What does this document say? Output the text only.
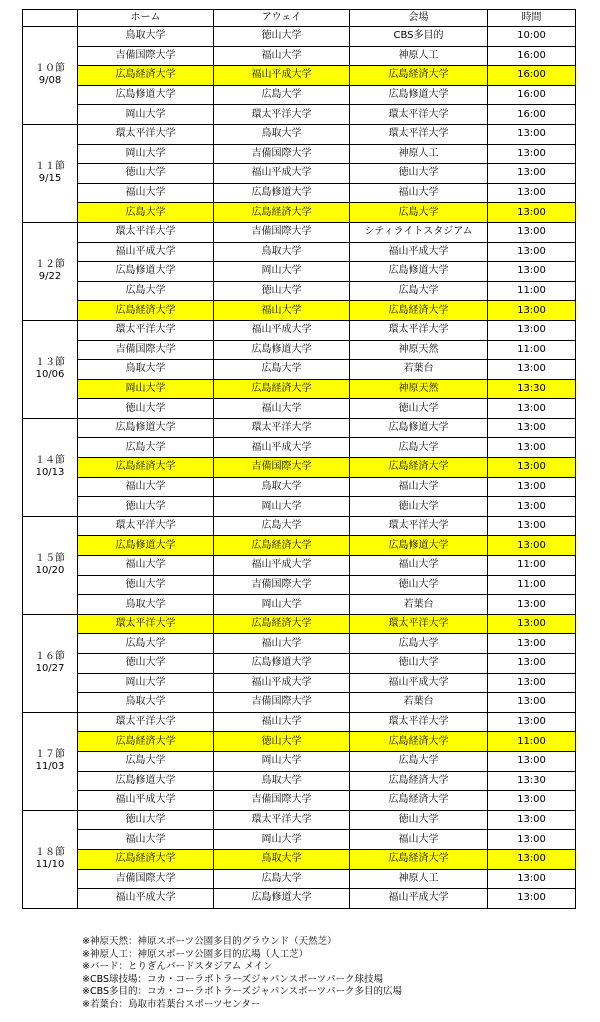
	ホーム	アウェイ	会場	時間

１０節
9/08	鳥取大学	徳山大学	CBS多目的	10:00
	吉備国際大学	福山大学	神原人工	16:00
	広島経済大学	福山平成大学	広島経済大学	16:00
	広島修道大学	広島大学	広島修道大学	16:00
	岡山大学	環太平洋大学	環太平洋大学	16:00

１１節
9/15	環太平洋大学	鳥取大学	環太平洋大学	13:00
	岡山大学	吉備国際大学	神原人工	13:00
	徳山大学	福山平成大学	徳山大学	13:00
	福山大学	広島修道大学	福山大学	13:00
	広島大学	広島経済大学	広島大学	13:00

１２節
9/22	環太平洋大学	吉備国際大学	シティライトスタジアム	13:00
	福山平成大学	鳥取大学	福山平成大学	13:00
	広島修道大学	岡山大学	広島修道大学	13:00
	広島大学	徳山大学	広島大学	11:00
	広島経済大学	福山大学	広島経済大学	13:00

１３節
10/06	環太平洋大学	福山平成大学	環太平洋大学	13:00
	吉備国際大学	広島修道大学	神原天然	11:00
	鳥取大学	広島大学	若葉台	13:00
	岡山大学	広島経済大学	神原天然	13:30
	徳山大学	福山大学	徳山大学	13:00

１４節
10/13	広島修道大学	環太平洋大学	広島修道大学	13:00
	広島大学	福山平成大学	広島大学	13:00
	広島経済大学	吉備国際大学	広島経済大学	13:00
	福山大学	鳥取大学	福山大学	13:00
	徳山大学	岡山大学	徳山大学	13:00

１５節
10/20	環太平洋大学	広島大学	環太平洋大学	13:00
	広島修道大学	広島経済大学	広島修道大学	13:00
	福山大学	福山平成大学	福山大学	11:00
	徳山大学	吉備国際大学	徳山大学	11:00
	鳥取大学	岡山大学	若葉台	13:00

１６節
10/27	環太平洋大学	広島経済大学	環太平洋大学	13:00
	広島大学	福山大学	広島大学	13:00
	徳山大学	広島修道大学	徳山大学	13:00
	岡山大学	福山平成大学	福山平成大学	13:00
	鳥取大学	吉備国際大学	若葉台	13:00

１７節
11/03	環太平洋大学	福山大学	環太平洋大学	13:00
	広島経済大学	徳山大学	広島経済大学	11:00
	広島大学	岡山大学	広島大学	13:00
	広島修道大学	鳥取大学	広島経済大学	13:30
	福山平成大学	吉備国際大学	広島経済大学	13:00

１８節
11/10	徳山大学	環太平洋大学	徳山大学	13:00
	福山大学	岡山大学	福山大学	13:00
	広島経済大学	鳥取大学	広島経済大学	13:00
	吉備国際大学	広島大学	神原人工	13:00
	福山平成大学	広島修道大学	福山平成大学	13:00
※神原天然：神原スポーツ公園多目的グラウンド（天然芝）
※神原人工：神原スポーツ公園多目的広場（人工芝）
※バード：とりぎんバードスタジアム メイン
※CBS球技場：コカ・コーラボトラーズジャパンスポーツパーク球技場
※CBS多目的：コカ・コーラボトラーズジャパンスポーツパーク多目的広場
※若葉台：鳥取市若葉台スポーツセンター
